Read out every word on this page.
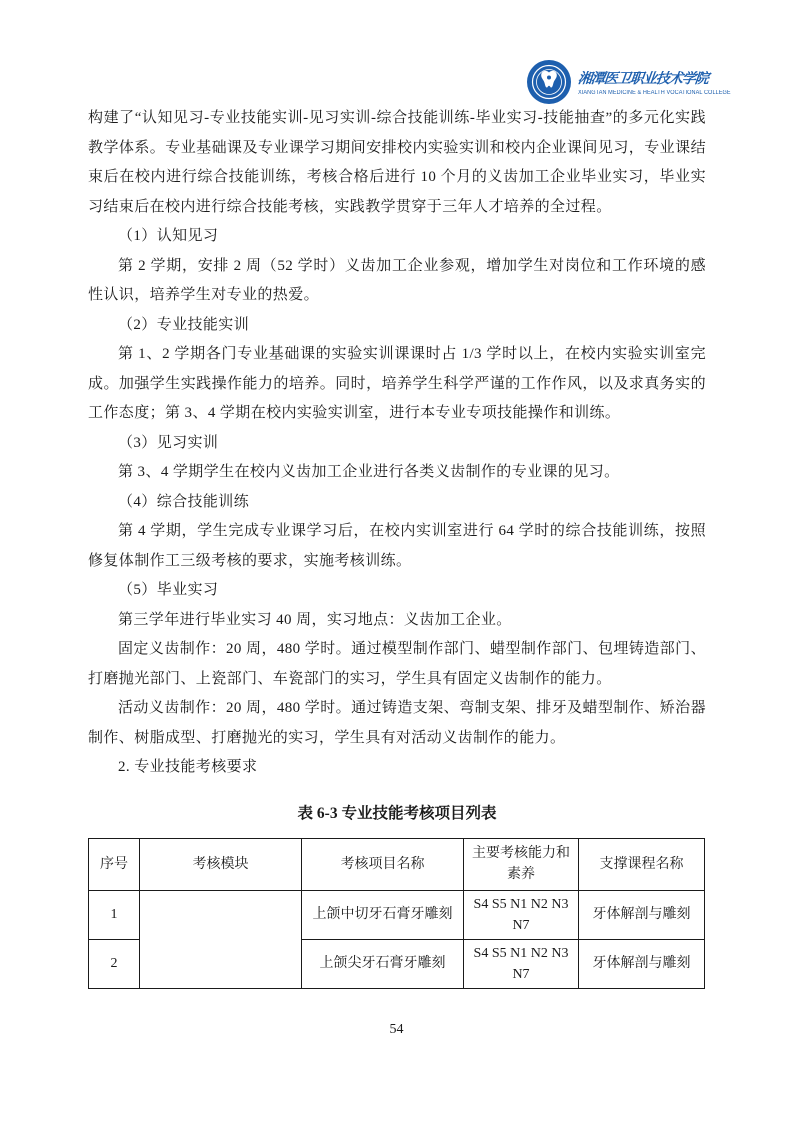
湘潭医卫职业技术学院
XIANGTAN MEDICINE & HEALTH VOCATIONAL COLLEGE

构建了“认知见习-专业技能实训-见习实训-综合技能训练-毕业实习-技能抽查”的多元化实践教学体系。专业基础课及专业课学习期间安排校内实验实训和校内企业课间见习，专业课结束后在校内进行综合技能训练，考核合格后进行 10 个月的义齿加工企业毕业实习，毕业实习结束后在校内进行综合技能考核，实践教学贯穿于三年人才培养的全过程。

（1）认知见习

第 2 学期，安排 2 周（52 学时）义齿加工企业参观，增加学生对岗位和工作环境的感性认识，培养学生对专业的热爱。

（2）专业技能实训

第 1、2 学期各门专业基础课的实验实训课课时占 1/3 学时以上，在校内实验实训室完成。加强学生实践操作能力的培养。同时，培养学生科学严谨的工作作风，以及求真务实的工作态度；第 3、4 学期在校内实验实训室，进行本专业专项技能操作和训练。

（3）见习实训

第 3、4 学期学生在校内义齿加工企业进行各类义齿制作的专业课的见习。

（4）综合技能训练

第 4 学期，学生完成专业课学习后，在校内实训室进行 64 学时的综合技能训练，按照修复体制作工三级考核的要求，实施考核训练。

（5）毕业实习

第三学年进行毕业实习 40 周，实习地点：义齿加工企业。

固定义齿制作：20 周，480 学时。通过模型制作部门、蜡型制作部门、包埋铸造部门、打磨抛光部门、上瓷部门、车瓷部门的实习，学生具有固定义齿制作的能力。

活动义齿制作：20 周，480 学时。通过铸造支架、弯制支架、排牙及蜡型制作、矫治器制作、树脂成型、打磨抛光的实习，学生具有对活动义齿制作的能力。

2. 专业技能考核要求

表 6-3 专业技能考核项目列表
序号	考核模块	考核项目名称	主要考核能力和素养	支撑课程名称
1		上颌中切牙石膏牙雕刻	S4 S5 N1 N2 N3 N7	牙体解剖与雕刻
2		上颌尖牙石膏牙雕刻	S4 S5 N1 N2 N3 N7	牙体解剖与雕刻
54
